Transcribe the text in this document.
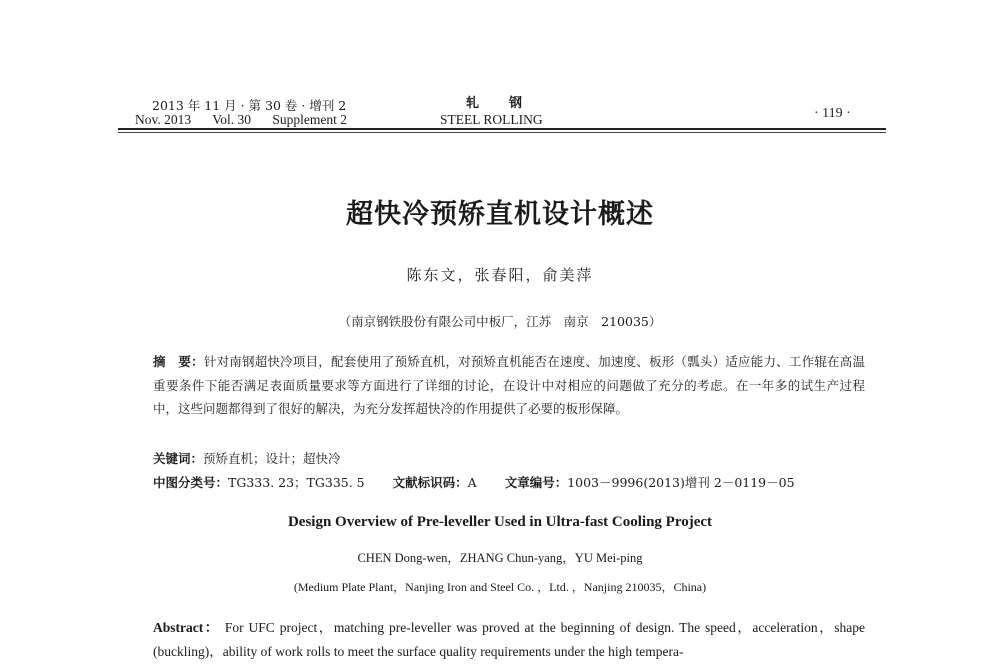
2013 年 11 月 · 第 30 卷 · 增刊 2
Nov. 2013 Vol. 30 Supplement 2
轧钢
STEEL ROLLING	· 119 ·
超快冷预矫直机设计概述
陈东文，张春阳，俞美萍
（南京钢铁股份有限公司中板厂，江苏　南京　210035）
摘　要：针对南钢超快冷项目，配套使用了预矫直机，对预矫直机能否在速度、加速度、板形（瓢头）适应能力、工作辊在高温重要条件下能否满足表面质量要求等方面进行了详细的讨论，在设计中对相应的问题做了充分的考虑。在一年多的试生产过程中，这些问题都得到了很好的解决，为充分发挥超快冷的作用提供了必要的板形保障。
关键词：预矫直机；设计；超快冷
中图分类号：TG333. 23；TG335. 5 文献标识码：A 文章编号：1003－9996(2013)增刊 2－0119－05
Design Overview of Pre-leveller Used in Ultra-fast Cooling Project
CHEN Dong-wen，ZHANG Chun-yang，YU Mei-ping
(Medium Plate Plant，Nanjing Iron and Steel Co. ，Ltd. ，Nanjing 210035，China)
Abstract： For UFC project，matching pre-leveller was proved at the beginning of design. The speed，acceleration，shape (buckling)，ability of work rolls to meet the surface quality requirements under the high tempera-
